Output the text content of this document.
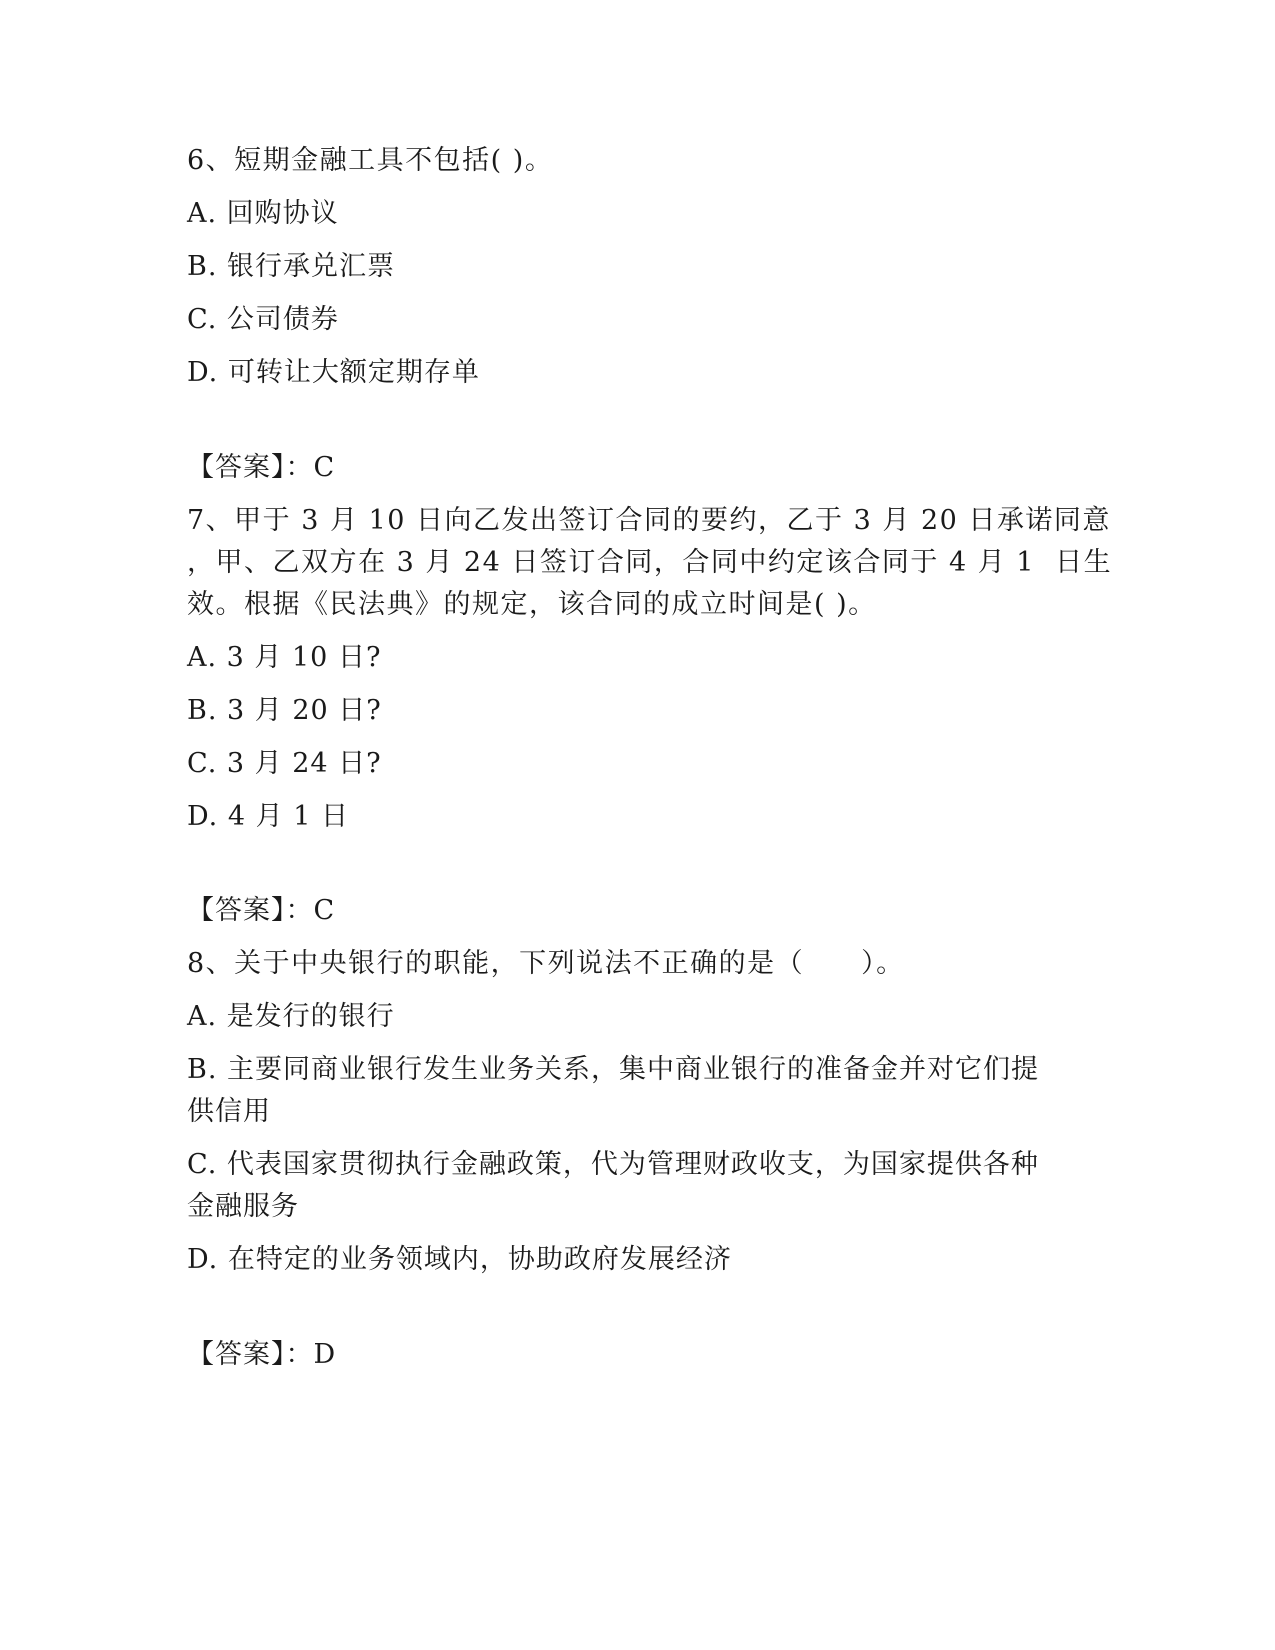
6、短期金融工具不包括( )。
A. 回购协议
B. 银行承兑汇票
C. 公司债券
D. 可转让大额定期存单
【答案】：C
7、甲于 3 月 10 日向乙发出签订合同的要约，乙于 3 月 20 日承诺同意
，甲、乙双方在 3 月 24 日签订合同，合同中约定该合同于 4 月 1  日生
效。根据《民法典》的规定，该合同的成立时间是( )。
A. 3 月 10 日?
B. 3 月 20 日?
C. 3 月 24 日?
D. 4 月 1 日
【答案】：C
8、关于中央银行的职能，下列说法不正确的是（　　）。
A. 是发行的银行
B. 主要同商业银行发生业务关系，集中商业银行的准备金并对它们提
供信用
C. 代表国家贯彻执行金融政策，代为管理财政收支，为国家提供各种
金融服务
D. 在特定的业务领域内，协助政府发展经济
【答案】：D
